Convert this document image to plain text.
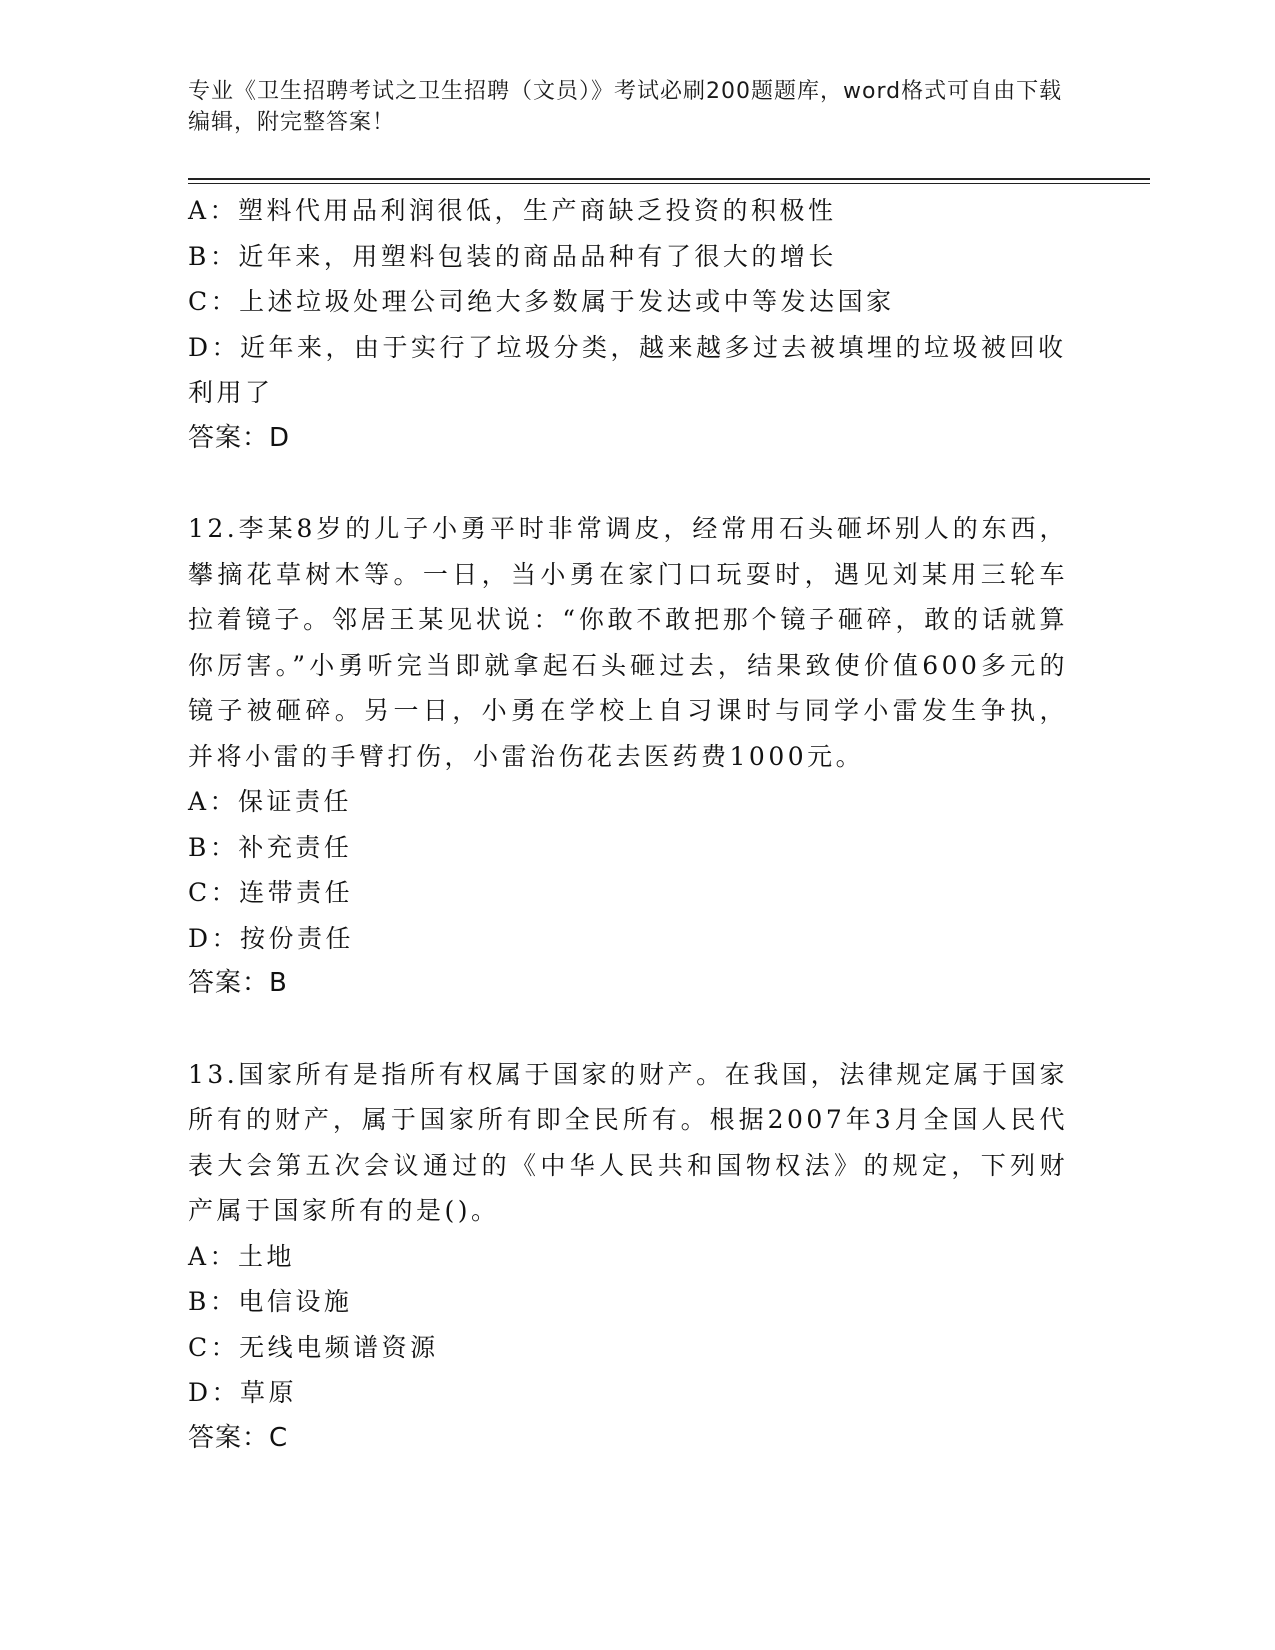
专业《卫生招聘考试之卫生招聘（文员）》考试必刷200题题库，word格式可自由下载编辑，附完整答案！
A：塑料代用品利润很低，生产商缺乏投资的积极性
B：近年来，用塑料包装的商品品种有了很大的增长
C：上述垃圾处理公司绝大多数属于发达或中等发达国家
D：近年来，由于实行了垃圾分类，越来越多过去被填埋的垃圾被回收利用了
答案：D
12.李某8岁的儿子小勇平时非常调皮，经常用石头砸坏别人的东西，攀摘花草树木等。一日，当小勇在家门口玩耍时，遇见刘某用三轮车拉着镜子。邻居王某见状说：“你敢不敢把那个镜子砸碎，敢的话就算你厉害。”小勇听完当即就拿起石头砸过去，结果致使价值600多元的镜子被砸碎。另一日，小勇在学校上自习课时与同学小雷发生争执，并将小雷的手臂打伤，小雷治伤花去医药费1000元。
A：保证责任
B：补充责任
C：连带责任
D：按份责任
答案：B
13.国家所有是指所有权属于国家的财产。在我国，法律规定属于国家所有的财产，属于国家所有即全民所有。根据2007年3月全国人民代表大会第五次会议通过的《中华人民共和国物权法》的规定，下列财产属于国家所有的是()。
A：土地
B：电信设施
C：无线电频谱资源
D：草原
答案：C
